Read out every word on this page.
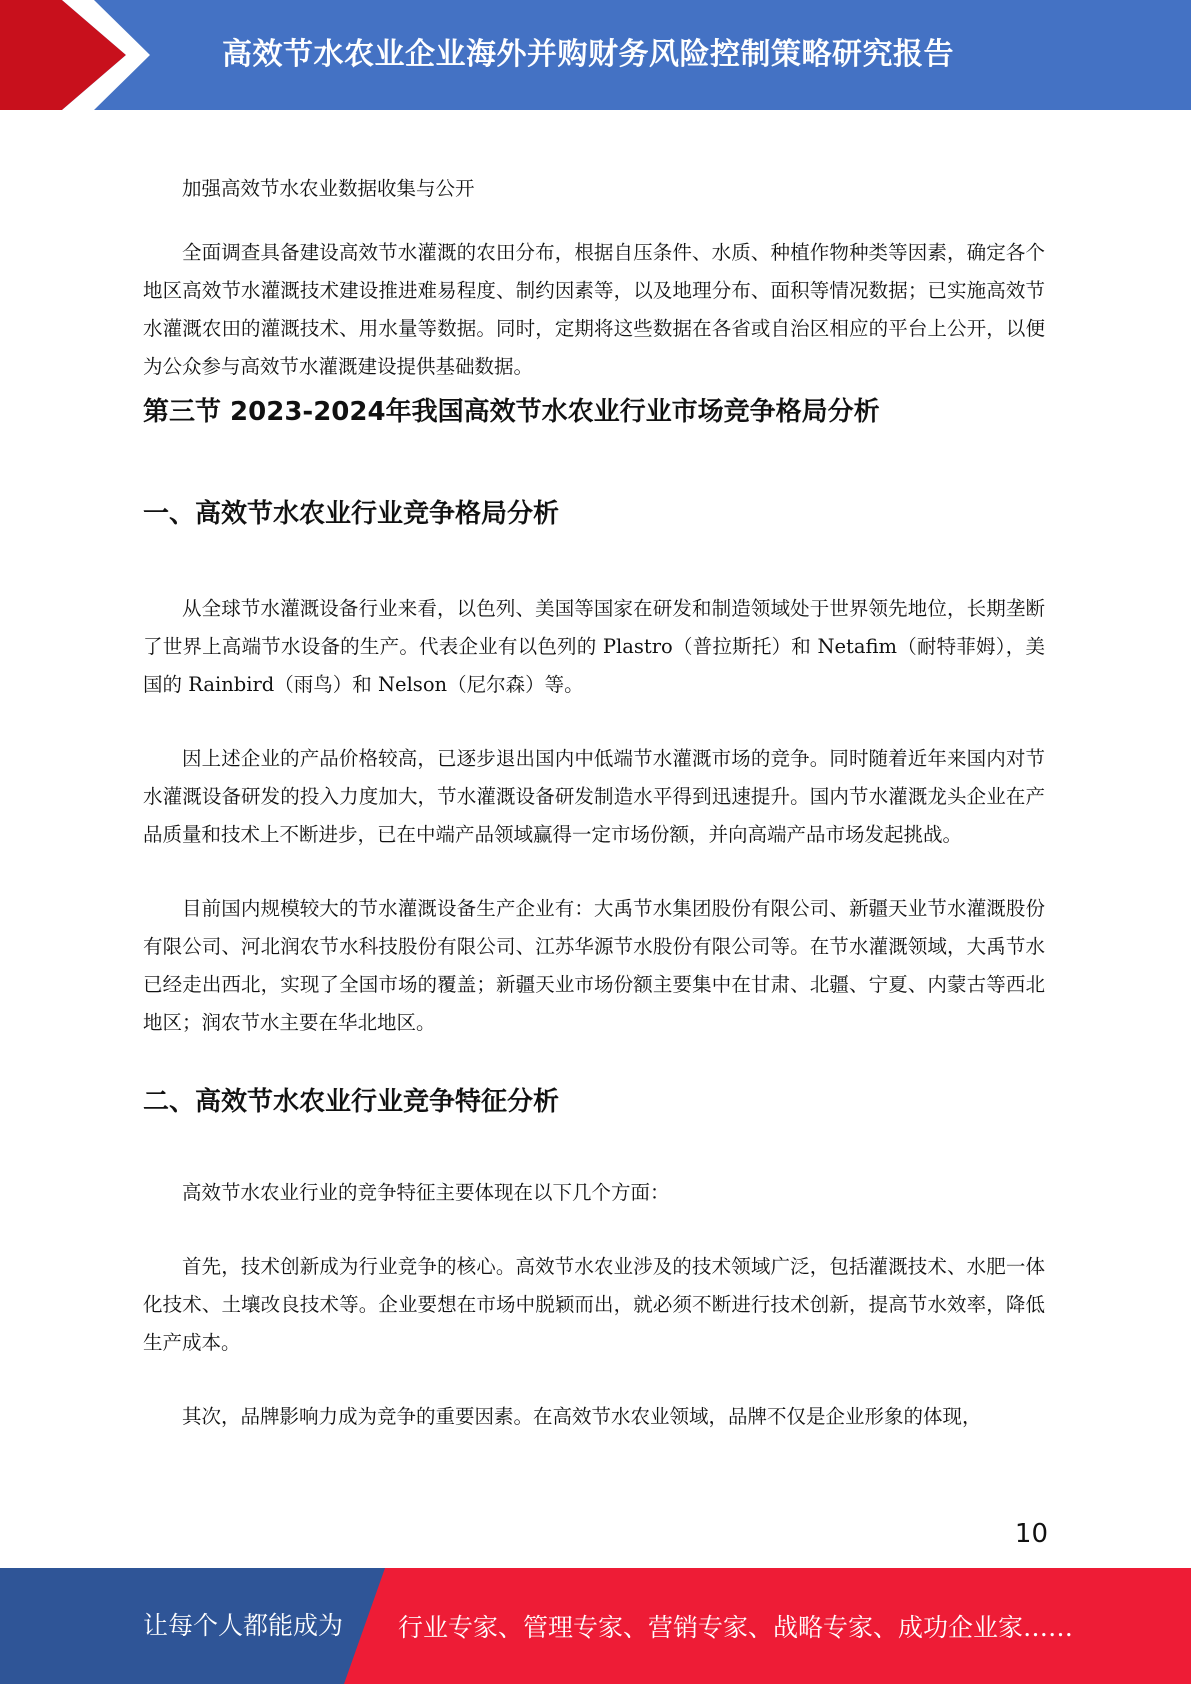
高效节水农业企业海外并购财务风险控制策略研究报告

加强高效节水农业数据收集与公开

全面调查具备建设高效节水灌溉的农田分布，根据自压条件、水质、种植作物种类等因素，确定各个地区高效节水灌溉技术建设推进难易程度、制约因素等，以及地理分布、面积等情况数据；已实施高效节水灌溉农田的灌溉技术、用水量等数据。同时，定期将这些数据在各省或自治区相应的平台上公开，以便为公众参与高效节水灌溉建设提供基础数据。

第三节 2023-2024年我国高效节水农业行业市场竞争格局分析
一、高效节水农业行业竞争格局分析

从全球节水灌溉设备行业来看，以色列、美国等国家在研发和制造领域处于世界领先地位，长期垄断了世界上高端节水设备的生产。代表企业有以色列的 Plastro（普拉斯托）和 Netafim（耐特菲姆），美国的 Rainbird（雨鸟）和 Nelson（尼尔森）等。

因上述企业的产品价格较高，已逐步退出国内中低端节水灌溉市场的竞争。同时随着近年来国内对节水灌溉设备研发的投入力度加大，节水灌溉设备研发制造水平得到迅速提升。国内节水灌溉龙头企业在产品质量和技术上不断进步，已在中端产品领域赢得一定市场份额，并向高端产品市场发起挑战。

目前国内规模较大的节水灌溉设备生产企业有：大禹节水集团股份有限公司、新疆天业节水灌溉股份有限公司、河北润农节水科技股份有限公司、江苏华源节水股份有限公司等。在节水灌溉领域，大禹节水已经走出西北，实现了全国市场的覆盖；新疆天业市场份额主要集中在甘肃、北疆、宁夏、内蒙古等西北地区；润农节水主要在华北地区。

二、高效节水农业行业竞争特征分析

高效节水农业行业的竞争特征主要体现在以下几个方面：

首先，技术创新成为行业竞争的核心。高效节水农业涉及的技术领域广泛，包括灌溉技术、水肥一体化技术、土壤改良技术等。企业要想在市场中脱颖而出，就必须不断进行技术创新，提高节水效率，降低生产成本。

其次，品牌影响力成为竞争的重要因素。在高效节水农业领域，品牌不仅是企业形象的体现，

10
让每个人都能成为 行业专家、管理专家、营销专家、战略专家、成功企业家……
